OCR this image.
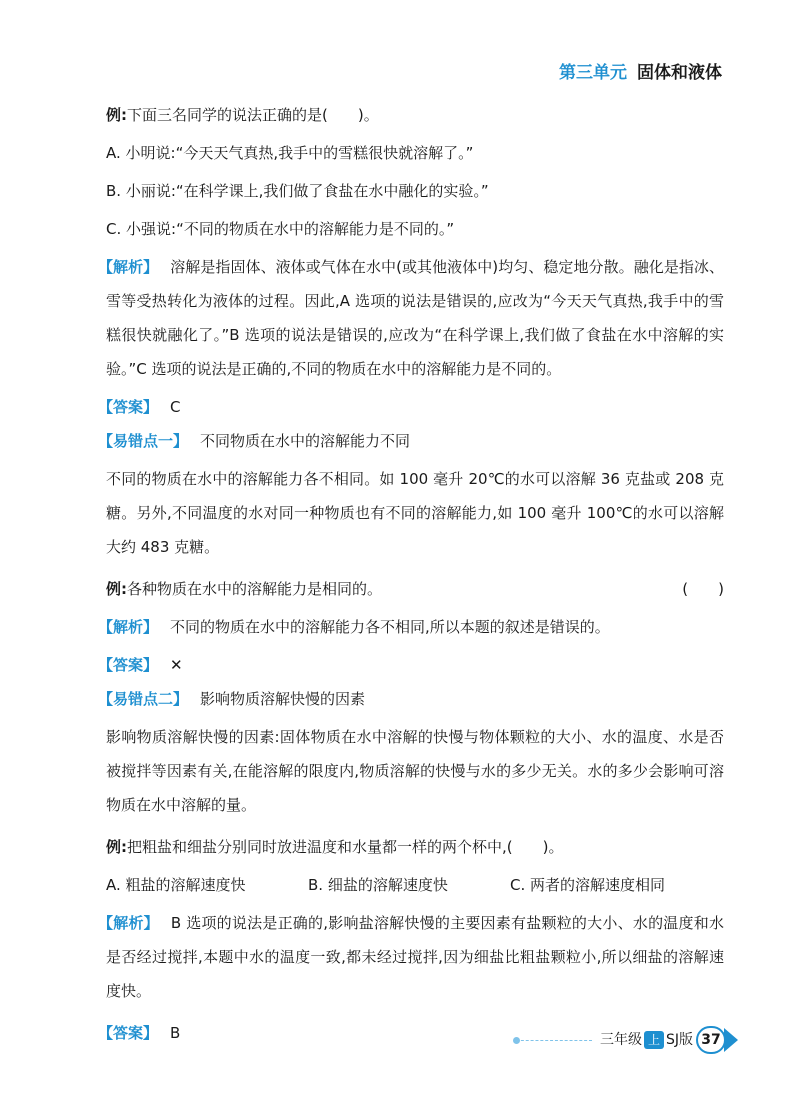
第三单元 固体和液体
例:下面三名同学的说法正确的是(　　)。
A. 小明说:“今天天气真热,我手中的雪糕很快就溶解了。”
B. 小丽说:“在科学课上,我们做了食盐在水中融化的实验。”
C. 小强说:“不同的物质在水中的溶解能力是不同的。”
【解析】 溶解是指固体、液体或气体在水中(或其他液体中)均匀、稳定地分散。融化是指冰、雪等受热转化为液体的过程。因此,A 选项的说法是错误的,应改为“今天天气真热,我手中的雪糕很快就融化了。”B 选项的说法是错误的,应改为“在科学课上,我们做了食盐在水中溶解的实验。”C 选项的说法是正确的,不同的物质在水中的溶解能力是不同的。
【答案】 C
【易错点一】 不同物质在水中的溶解能力不同
不同的物质在水中的溶解能力各不相同。如 100 毫升 20℃的水可以溶解 36 克盐或 208 克糖。另外,不同温度的水对同一种物质也有不同的溶解能力,如 100 毫升 100℃的水可以溶解大约 483 克糖。
例:各种物质在水中的溶解能力是相同的。	(　　)
【解析】 不同的物质在水中的溶解能力各不相同,所以本题的叙述是错误的。
【答案】 ✕
【易错点二】 影响物质溶解快慢的因素
影响物质溶解快慢的因素:固体物质在水中溶解的快慢与物体颗粒的大小、水的温度、水是否被搅拌等因素有关,在能溶解的限度内,物质溶解的快慢与水的多少无关。水的多少会影响可溶物质在水中溶解的量。
例:把粗盐和细盐分别同时放进温度和水量都一样的两个杯中,(　　)。
A. 粗盐的溶解速度快	B. 细盐的溶解速度快	C. 两者的溶解速度相同
【解析】 B 选项的说法是正确的,影响盐溶解快慢的主要因素有盐颗粒的大小、水的温度和水是否经过搅拌,本题中水的温度一致,都未经过搅拌,因为细盐比粗盐颗粒小,所以细盐的溶解速度快。
【答案】 B	三年级 上 SJ版 37
